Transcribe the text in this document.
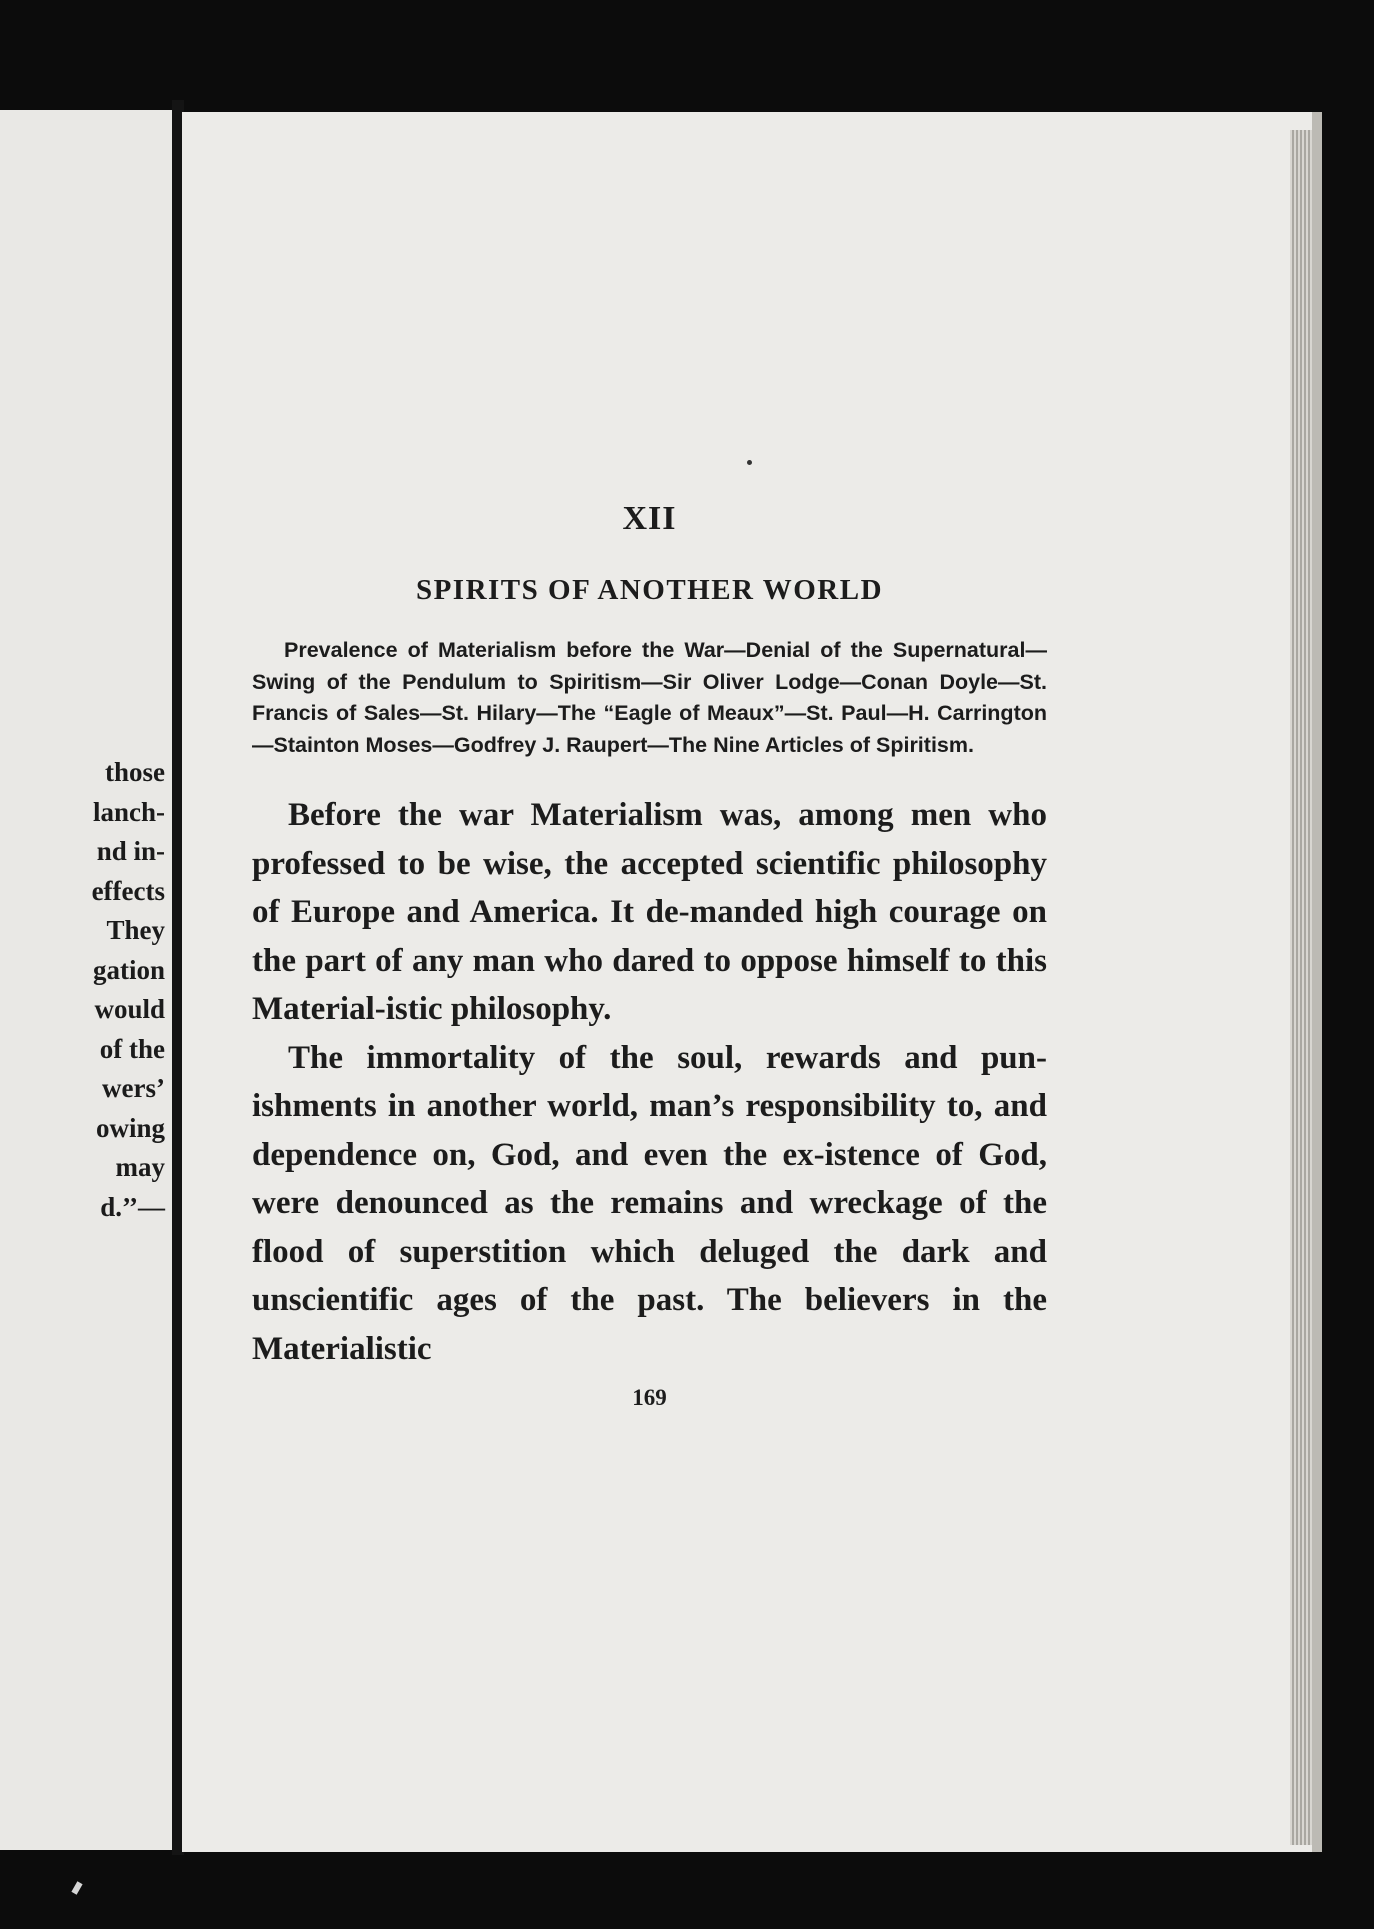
those
lanch-
nd in-
effects
They
gation
would
of the
wers’
owing
may
d.’’—
XII
SPIRITS OF ANOTHER WORLD

Prevalence of Materialism before the War—Denial of the Supernatural—Swing of the Pendulum to Spiritism—Sir Oliver Lodge—Conan Doyle—St. Francis of Sales—St. Hilary—The “Eagle of Meaux”—St. Paul—H. Carrington —Stainton Moses—Godfrey J. Raupert—The Nine Articles of Spiritism.

Before the war Materialism was, among men who professed to be wise, the accepted scientific philosophy of Europe and America. It de-manded high courage on the part of any man who dared to oppose himself to this Material-istic philosophy.

The immortality of the soul, rewards and pun-ishments in another world, man’s responsibility to, and dependence on, God, and even the ex-istence of God, were denounced as the remains and wreckage of the flood of superstition which deluged the dark and unscientific ages of the past. The believers in the Materialistic

169
